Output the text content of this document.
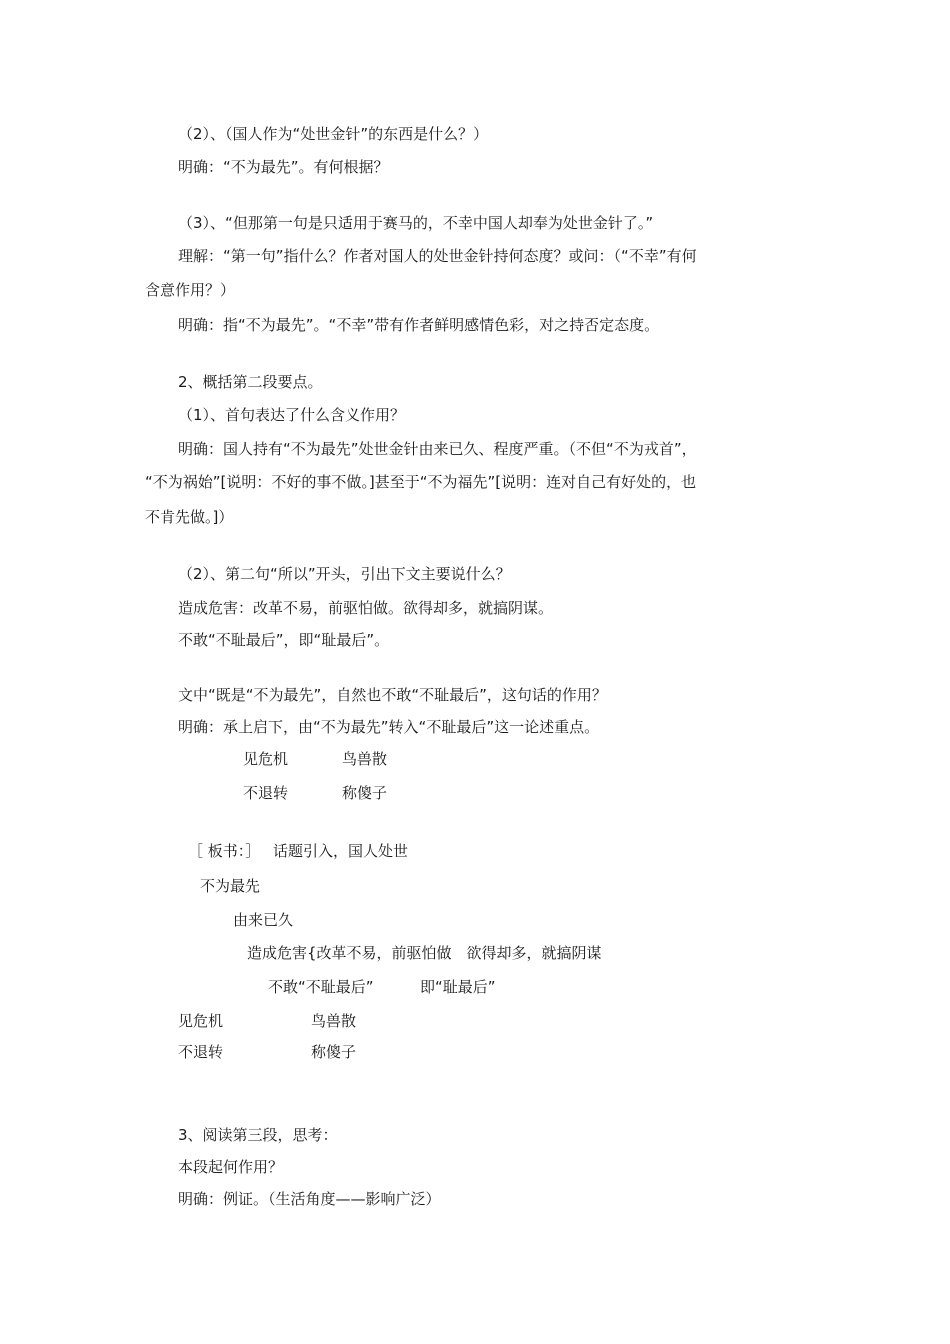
（2）、（国人作为“处世金针”的东西是什么？）
明确：“不为最先”。有何根据？
（3）、“但那第一句是只适用于赛马的，不幸中国人却奉为处世金针了。”
理解：“第一句”指什么？作者对国人的处世金针持何态度？或问：（“不幸”有何
含意作用？）
明确：指“不为最先”。“不幸”带有作者鲜明感情色彩，对之持否定态度。
2、概括第二段要点。
（1）、首句表达了什么含义作用？
明确：国人持有“不为最先”处世金针由来已久、程度严重。（不但“不为戎首”，
“不为祸始”[说明：不好的事不做。]甚至于“不为福先”[说明：连对自己有好处的，也
不肯先做。]）
（2）、第二句“所以”开头，引出下文主要说什么？
造成危害：改革不易，前驱怕做。欲得却多，就搞阴谋。
不敢“不耻最后”，即“耻最后”。
文中“既是“不为最先”，自然也不敢“不耻最后”，这句话的作用？
明确：承上启下，由“不为最先”转入“不耻最后”这一论述重点。
见危机	鸟兽散
不退转	称傻子
［ 板书：］ 话题引入，国人处世
不为最先
由来已久
造成危害{改革不易，前驱怕做　欲得却多，就搞阴谋
不敢“不耻最后”	即“耻最后”
见危机	鸟兽散
不退转	称傻子
3、阅读第三段，思考：
本段起何作用？
明确：例证。（生活角度——影响广泛）
